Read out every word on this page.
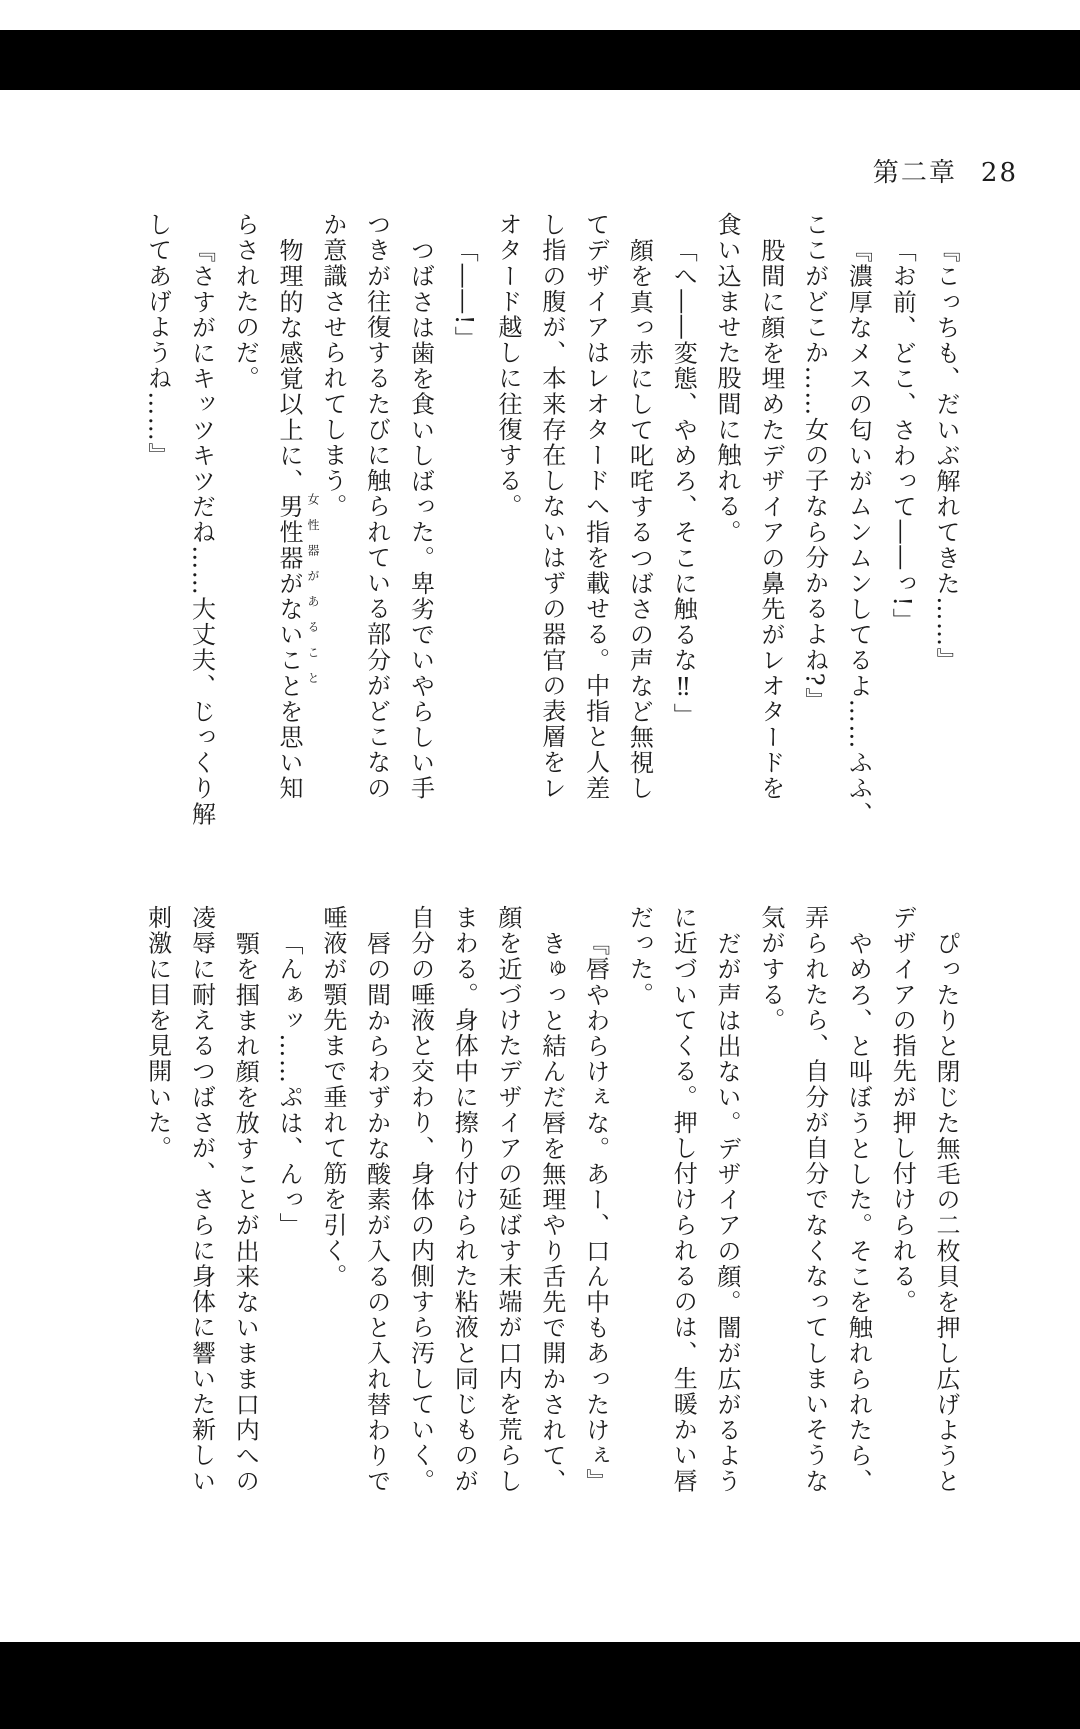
第二章 28

『こっちも、だいぶ解れてきた……』

「お前、どこ、さわって――っ!」

『濃厚なメスの匂いがムンムンしてるよ……ふふ、

ここがどこか……女の子なら分かるよね?』

股間に顔を埋めたデザイアの鼻先がレオタードを

食い込ませた股間に触れる。

「へ――変態、やめろ、そこに触るな‼」

顔を真っ赤にして叱咤するつばさの声など無視し

てデザイアはレオタードへ指を載せる。中指と人差

し指の腹が、本来存在しないはずの器官の表層をレ

オタード越しに往復する。

「――!」

つばさは歯を食いしばった。卑劣でいやらしい手

つきが往復するたびに触られている部分がどこなの

か意識させられてしまう。

物理的な感覚以上に、男性器がないことを思い知 女性器があること

らされたのだ。

『さすがにキッツキツだね……大丈夫、じっくり解

してあげようね……』

ぴったりと閉じた無毛の二枚貝を押し広げようと

デザイアの指先が押し付けられる。

やめろ、と叫ぼうとした。そこを触れられたら、

弄られたら、自分が自分でなくなってしまいそうな

気がする。

だが声は出ない。デザイアの顔。闇が広がるよう

に近づいてくる。押し付けられるのは、生暖かい唇

だった。

『唇やわらけぇな。あー、口ん中もあったけぇ』

きゅっと結んだ唇を無理やり舌先で開かされて、

顔を近づけたデザイアの延ばす末端が口内を荒らし

まわる。身体中に擦り付けられた粘液と同じものが

自分の唾液と交わり、身体の内側すら汚していく。

唇の間からわずかな酸素が入るのと入れ替わりで

唾液が顎先まで垂れて筋を引く。

「んぁッ……ぷは、んっ」

顎を掴まれ顔を放すことが出来ないまま口内への

凌辱に耐えるつばさが、さらに身体に響いた新しい

刺激に目を見開いた。
